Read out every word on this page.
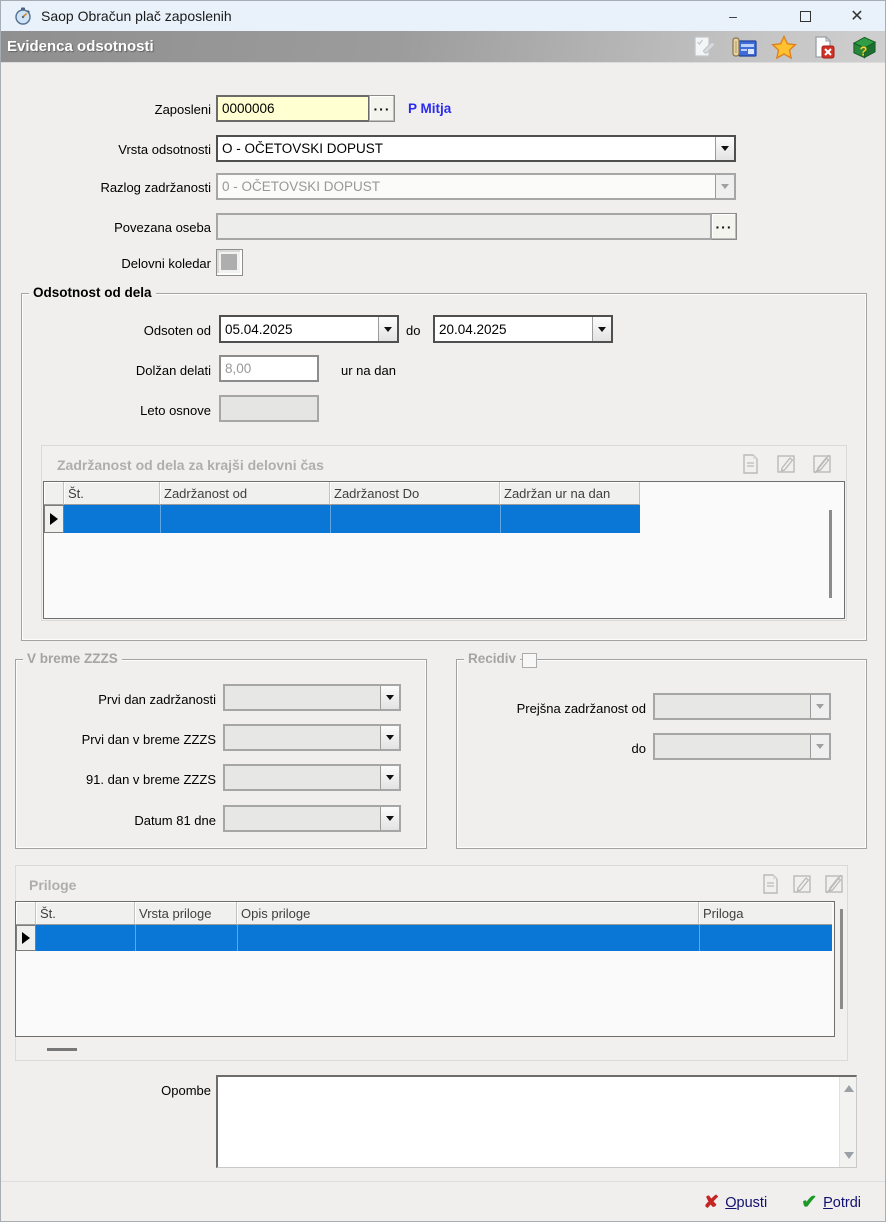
Saop Obračun plač zaposlenih	–	✕
Evidenca odsotnosti	?
Zaposleni 0000006	···	P Mitja
Vrsta odsotnosti O - OČETOVSKI DOPUST
Razlog zadržanosti 0 - OČETOVSKI DOPUST
Povezana oseba	···
Delovni koledar
Odsotnost od dela
Odsoten od 05.04.2025	do	20.04.2025
Dolžan delati 8,00	ur na dan
Leto osnove
Zadržanost od dela za krajši delovni čas
Št.	Zadržanost od	Zadržanost Do	Zadržan ur na dan
V breme ZZZS
Prvi dan zadržanosti
Prvi dan v breme ZZZS
91. dan v breme ZZZS
Datum 81 dne
Recidiv
Prejšna zadržanost od
do
Priloge
Št.	Vrsta priloge	Opis priloge	Priloga
Opombe
✘ Opusti ✔ Potrdi
